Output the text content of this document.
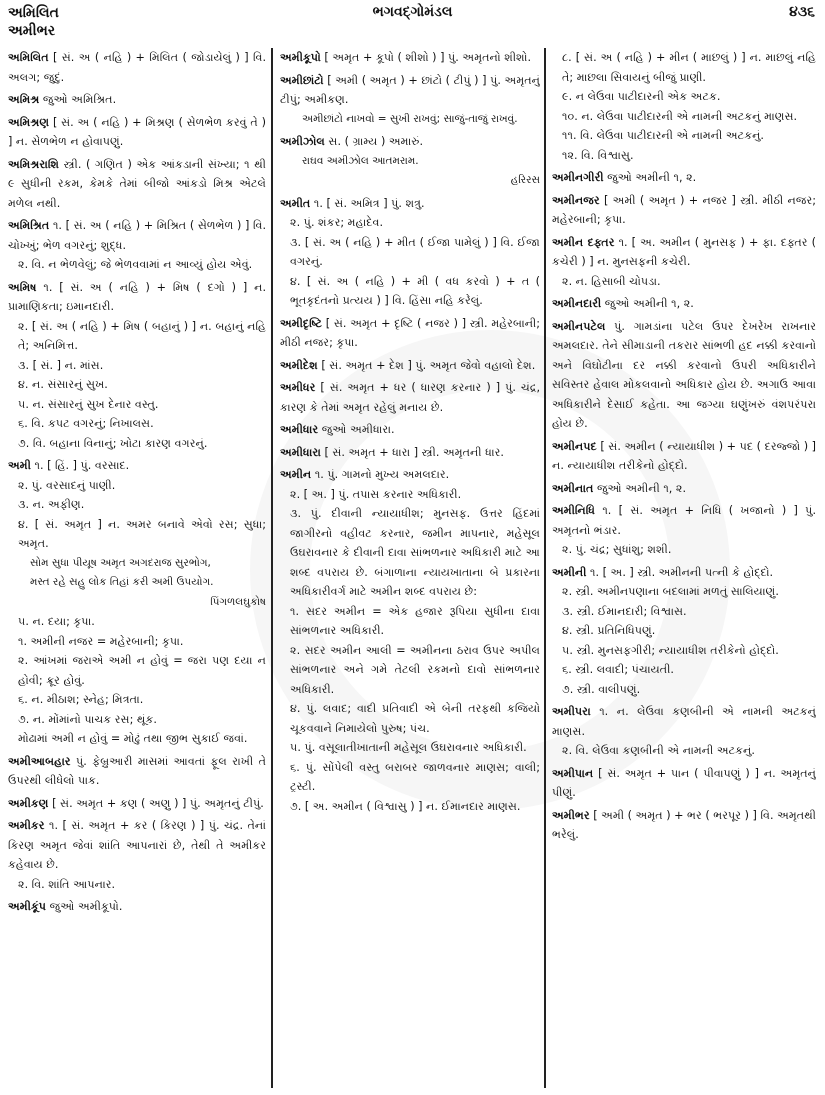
અમિલિત
અમીભર
ભગવદ્ગોમંડલ	૪૩૬
અમિલિત [ સં. અ ( નહિ ) + મિલિત ( જોડાયેલું ) ] વિ. અલગ; જુદું.
અમિશ્ર જુઓ અમિશ્રિત.
અમિશ્રણ [ સં. અ ( નહિ ) + મિશ્રણ ( સેળભેળ કરવું તે ) ] ન. સેળભેળ ન હોવાપણું.
અમિશ્રરાશિ સ્ત્રી. ( ગણિત ) એક આંકડાની સંખ્યા; ૧ થી ૯ સુધીની રકમ, કેમકે તેમાં બીજો આંકડો મિશ્ર એટલે મળેલ નથી.
અમિશ્રિત ૧. [ સં. અ ( નહિ ) + મિશ્રિત ( સેળભેળ ) ] વિ. ચોખ્ખું; ભેળ વગરનું; શુદ્ધ.
૨. વિ. ન ભેળવેલું; જે ભેળવવામાં ન આવ્યું હોય એવું.
અમિષ ૧. [ સં. અ ( નહિ ) + મિષ ( દગો ) ] ન. પ્રામાણિકતા; ઇમાનદારી.
૨. [ સં. અ ( નહિ ) + મિષ ( બહાનું ) ] ન. બહાનું નહિ તે; અનિમિત્ત.
૩. [ સં. ] ન. માંસ.
૪. ન. સંસારનું સુખ.
૫. ન. સંસારનું સુખ દેનાર વસ્તુ.
૬. વિ. કપટ વગરનું; નિખાલસ.
૭. વિ. બહાના વિનાનું; ખોટા કારણ વગરનું.
અમી ૧. [ હિં. ] પું. વરસાદ.
૨. પું. વરસાદનું પાણી.
૩. ન. અફીણ.
૪. [ સં. અમૃત ] ન. અમર બનાવે એવો રસ; સુધા; અમૃત.
સોમ સુધા પીયૂષ અમૃત અગદરાજ સુરભોગ,
મસ્ત રહે સહુ લોક તિહાં કરી અમી ઉપયોગ.
પિંગળલઘુકોષ
૫. ન. દયા; કૃપા.
૧. અમીની નજર = મહેરબાની; કૃપા.
૨. આંખમાં જરાએ અમી ન હોવું = જરા પણ દયા ન હોવી; ક્રૂર હોવું.
૬. ન. મીઠાશ; સ્નેહ; મિત્રતા.
૭. ન. મોંમાંનો પાચક રસ; થૂંક.
મોઢામાં અમી ન હોવું = મોઢું તથા જીભ સુકાઈ જવાં.
અમીઆબહાર પું. ફેબ્રુઆરી માસમાં આવતાં ફૂલ રાખી તે ઉપરથી લીધેલો પાક.
અમીકણ [ સં. અમૃત + કણ ( અણુ ) ] પું. અમૃતનું ટીપું.
અમીકર ૧. [ સં. અમૃત + કર ( કિરણ ) ] પું. ચંદ્ર. તેનાં કિરણ અમૃત જેવાં શાંતિ આપનારાં છે, તેથી તે અમીકર કહેવાય છે.
૨. વિ. શાંતિ આપનાર.
અમીકૂંપ જુઓ અમીકૂપો.
અમીકૂપો [ અમૃત + કૂપો ( શીશો ) ] પું. અમૃતનો શીશો.
અમીછાંટો [ અમી ( અમૃત ) + છાંટો ( ટીપું ) ] પું. અમૃતનું ટીપું; અમીકણ.
અમીછાંટો નાખવો = સુખી રાખવું; સાજું-તાજું રાખવું.
અમીઝોલ સ. ( ગ્રામ્ય ) અમારું.
રાઘવ અમીઝોલ આતમરામ.
હરિરસ
અમીત ૧. [ સં. અમિત્ર ] પું. શત્રુ.
૨. પું. શંકર; મહાદેવ.
૩. [ સં. અ ( નહિ ) + મીત ( ઈજા પામેલું ) ] વિ. ઈજા વગરનું.
૪. [ સં. અ ( નહિ ) + મી ( વધ કરવો ) + ત ( ભૂતકૃદંતનો પ્રત્યય ) ] વિ. હિંસા નહિ કરેલું.
અમીદૃષ્ટિ [ સં. અમૃત + દૃષ્ટિ ( નજર ) ] સ્ત્રી. મહેરબાની; મીઠી નજર; કૃપા.
અમીદેશ [ સં. અમૃત + દેશ ] પું. અમૃત જેવો વહાલો દેશ.
અમીધર [ સં. અમૃત + ધર ( ધારણ કરનાર ) ] પું. ચંદ્ર, કારણ કે તેમાં અમૃત રહેલું મનાય છે.
અમીધાર જુઓ અમીધારા.
અમીધારા [ સં. અમૃત + ધારા ] સ્ત્રી. અમૃતની ધાર.
અમીન ૧. પું. ગામનો મુખ્ય અમલદાર.
૨. [ અ. ] પું. તપાસ કરનાર અધિકારી.
૩. પું. દીવાની ન્યાયાધીશ; મુનસફ. ઉત્તર હિંદમાં જાગીરનો વહીવટ કરનાર, જમીન માપનાર, મહેસૂલ ઉઘરાવનાર કે દીવાની દાવા સાંભળનાર અધિકારી માટે આ શબ્દ વપરાય છે. બંગાળાના ન્યાયખાતાના બે પ્રકારના અધિકારીવર્ગ માટે અમીન શબ્દ વપરાય છે:
૧. સદર અમીન = એક હજાર રૂપિયા સુધીના દાવા સાંભળનાર અધિકારી.
૨. સદર અમીન આલી = અમીનના ઠરાવ ઉપર અપીલ સાંભળનાર અને ગમે તેટલી રકમનો દાવો સાંભળનાર અધિકારી.
૪. પું. લવાદ; વાદી પ્રતિવાદી એ બેની તરફથી કજિયો ચૂકવવાને નિમાયેલો પુરુષ; પંચ.
૫. પું. વસૂલાતીખાતાની મહેસૂલ ઉઘરાવનાર અધિકારી.
૬. પું. સોંપેલી વસ્તુ બરાબર જાળવનાર માણસ; વાલી; ટ્રસ્ટી.
૭. [ અ. અમીન ( વિશ્વાસુ ) ] ન. ઈમાનદાર માણસ.
૮. [ સં. અ ( નહિ ) + મીન ( માછલું ) ] ન. માછલું નહિ તે; માછલા સિવાયનું બીજું પ્રાણી.
૯. ન લેઉવા પાટીદારની એક અટક.
૧૦. ન. લેઉવા પાટીદારની એ નામની અટકનું માણસ.
૧૧. વિ. લેઉવા પાટીદારની એ નામની અટકનું.
૧૨. વિ. વિશ્વાસુ.
અમીનગીરી જુઓ અમીની ૧, ૨.
અમીનજર [ અમી ( અમૃત ) + નજર ] સ્ત્રી. મીઠી નજર; મહેરબાની; કૃપા.
અમીન દફ્તર ૧. [ અ. અમીન ( મુનસફ ) + ફા. દફ્તર ( કચેરી ) ] ન. મુનસફની કચેરી.
૨. ન. હિસાબી ચોપડા.
અમીનદારી જુઓ અમીની ૧, ૨.
અમીનપટેલ પું. ગામડાંના પટેલ ઉપર દેખરેખ રાખનાર અમલદાર. તેને સીમાડાની તકરાર સાંભળી હદ નક્કી કરવાનો અને વિઘોટીના દર નક્કી કરવાનો ઉપરી અધિકારીને સવિસ્તર હેવાલ મોકલવાનો અધિકાર હોય છે. અગાઉ આવા અધિકારીને દેસાઈ કહેતા. આ જગ્યા ઘણુંખરું વંશપરંપરા હોય છે.
અમીનપદ [ સં. અમીન ( ન્યાયાધીશ ) + પદ ( દરજ્જો ) ] ન. ન્યાયાધીશ તરીકેનો હોદ્દો.
અમીનાત જુઓ અમીની ૧, ૨.
અમીનિધિ ૧. [ સં. અમૃત + નિધિ ( ખજાનો ) ] પું. અમૃતનો ભંડાર.
૨. પું. ચંદ્ર; સુધાંશુ; શશી.
અમીની ૧. [ અ. ] સ્ત્રી. અમીનની પત્ની કે હોદ્દો.
૨. સ્ત્રી. અમીનપણાના બદલામાં મળતું સાલિયાણું.
૩. સ્ત્રી. ઈમાનદારી; વિશ્વાસ.
૪. સ્ત્રી. પ્રતિનિધિપણું.
૫. સ્ત્રી. મુનસફગીરી; ન્યાયાધીશ તરીકેનો હોદ્દો.
૬. સ્ત્રી. લવાદી; પંચાયતી.
૭. સ્ત્રી. વાલીપણું.
અમીપરા ૧. ન. લેઉવા કણબીની એ નામની અટકનું માણસ.
૨. વિ. લેઉવા કણબીની એ નામની અટકનું.
અમીપાન [ સં. અમૃત + પાન ( પીવાપણું ) ] ન. અમૃતનું પીણું.
અમીભર [ અમી ( અમૃત ) + ભર ( ભરપૂર ) ] વિ. અમૃતથી ભરેલું.
